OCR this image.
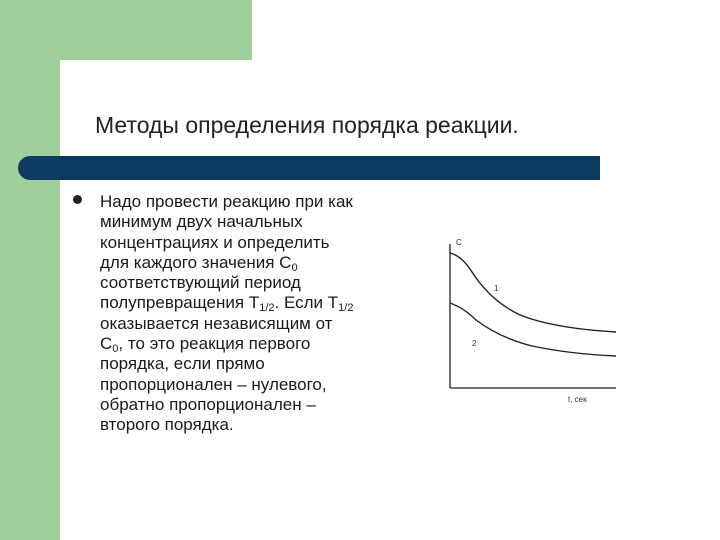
Методы определения порядка реакции.
Надо провести реакцию при как
минимум двух начальных
концентрациях и определить
для каждого значения $C_0$
соответствующий период
полупревращения $T_{1/2}$. Если $T_{1/2}$
оказывается независящим от
$C_0$, то это реакция первого
порядка, если прямо
пропорционален – нулевого,
обратно пропорционален –
второго порядка.
C
t, сек
1
2
